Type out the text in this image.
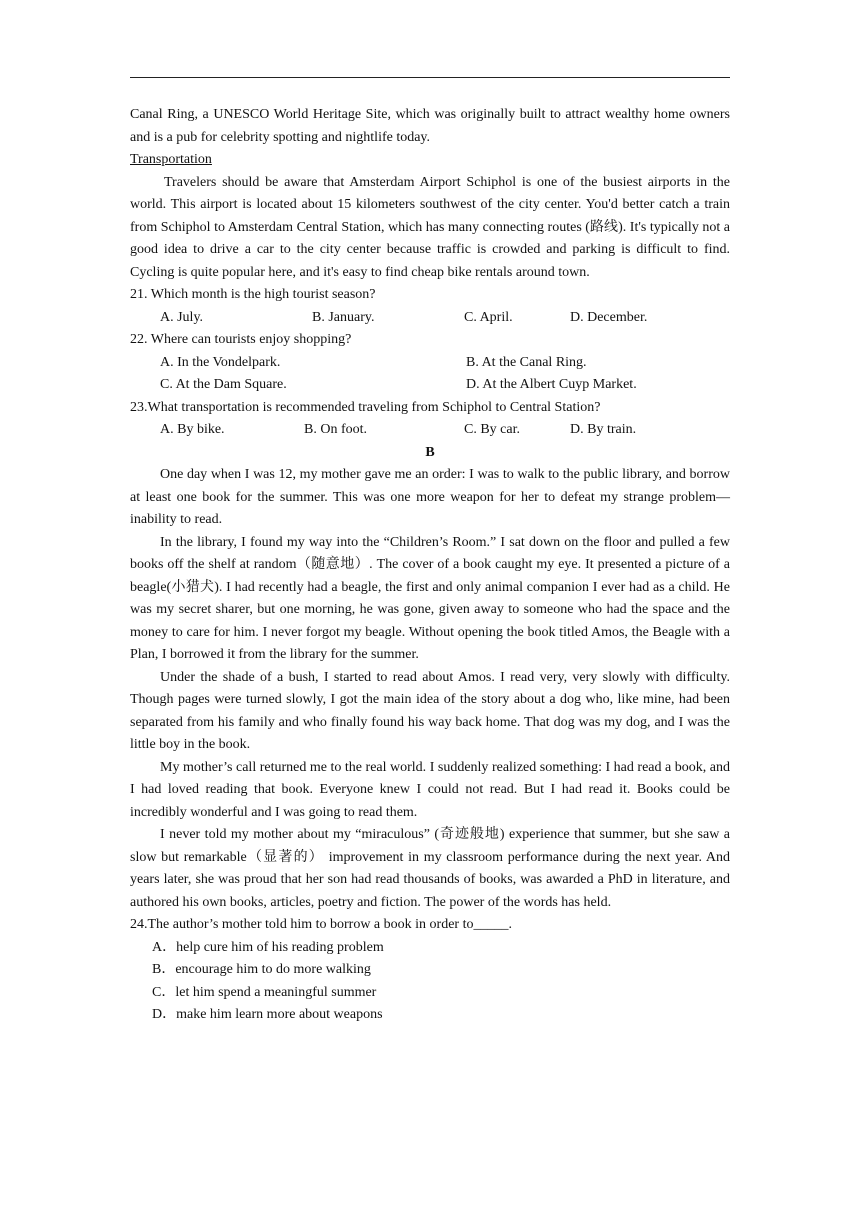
Canal Ring, a UNESCO World Heritage Site, which was originally built to attract wealthy home owners and is a pub for celebrity spotting and nightlife today.

Transportation

Travelers should be aware that Amsterdam Airport Schiphol is one of the busiest airports in the world. This airport is located about 15 kilometers southwest of the city center. You'd better catch a train from Schiphol to Amsterdam Central Station, which has many connecting routes (路线). It's typically not a good idea to drive a car to the city center because traffic is crowded and parking is difficult to find. Cycling is quite popular here, and it's easy to find cheap bike rentals around town.

21. Which month is the high tourist season?

A. July.	B. January.	C. April.	D. December.

22. Where can tourists enjoy shopping?

A. In the Vondelpark.	B. At the Canal Ring.
C. At the Dam Square.	D. At the Albert Cuyp Market.

23.What transportation is recommended traveling from Schiphol to Central Station?

A. By bike.	B. On foot.	C. By car.	D. By train.

B

One day when I was 12, my mother gave me an order: I was to walk to the public library, and borrow at least one book for the summer. This was one more weapon for her to defeat my strange problem— inability to read.

In the library, I found my way into the “Children’s Room.” I sat down on the floor and pulled a few books off the shelf at random（随意地）. The cover of a book caught my eye. It presented a picture of a beagle(小猎犬). I had recently had a beagle, the first and only animal companion I ever had as a child. He was my secret sharer, but one morning, he was gone, given away to someone who had the space and the money to care for him. I never forgot my beagle. Without opening the book titled Amos, the Beagle with a Plan, I borrowed it from the library for the summer.

Under the shade of a bush, I started to read about Amos. I read very, very slowly with difficulty. Though pages were turned slowly, I got the main idea of the story about a dog who, like mine, had been separated from his family and who finally found his way back home. That dog was my dog, and I was the little boy in the book.

My mother’s call returned me to the real world. I suddenly realized something: I had read a book, and I had loved reading that book. Everyone knew I could not read. But I had read it. Books could be incredibly wonderful and I was going to read them.

I never told my mother about my “miraculous” (奇迹般地) experience that summer, but she saw a slow but remarkable（显著的） improvement in my classroom performance during the next year. And years later, she was proud that her son had read thousands of books, was awarded a PhD in literature, and authored his own books, articles, poetry and fiction. The power of the words has held.

24.The author’s mother told him to borrow a book in order to_____.

A．help cure him of his reading problem

B．encourage him to do more walking

C．let him spend a meaningful summer

D．make him learn more about weapons
